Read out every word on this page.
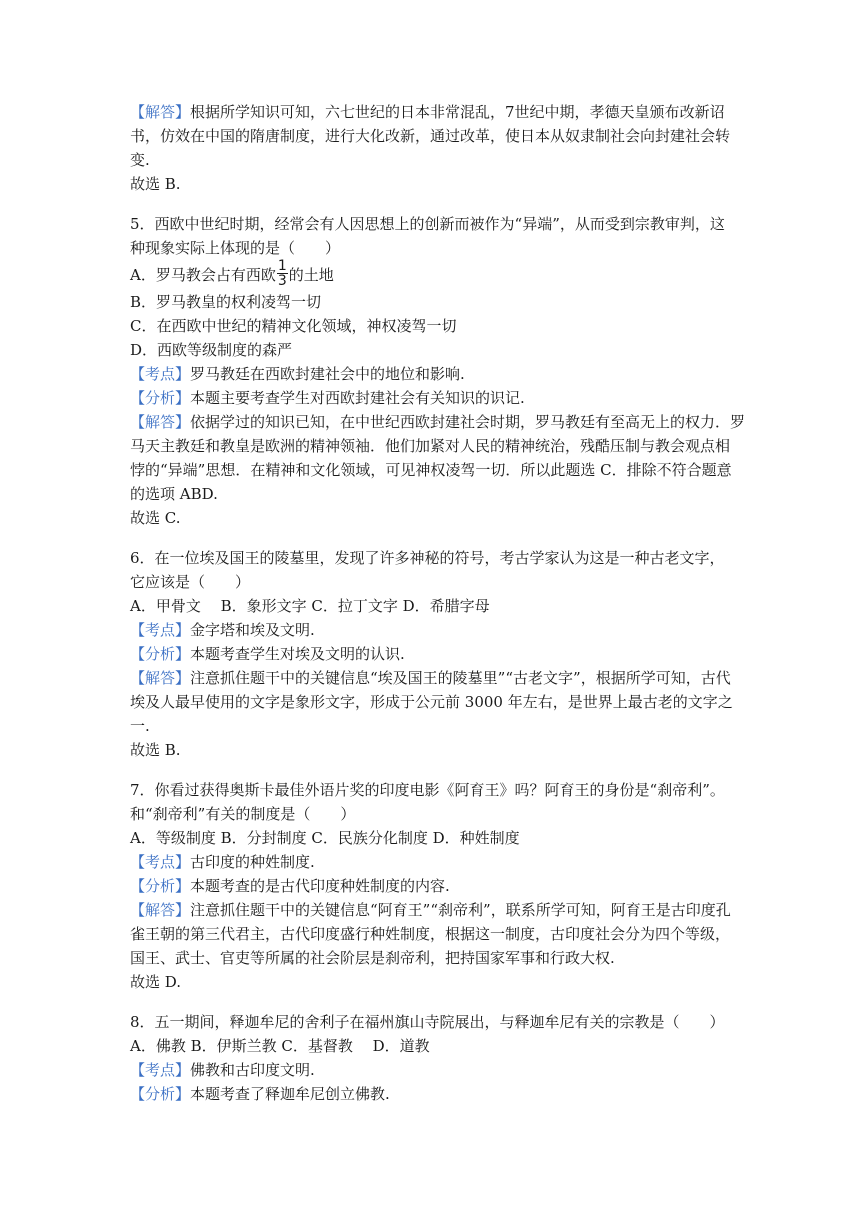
【解答】根据所学知识可知，六七世纪的日本非常混乱，7世纪中期，孝德天皇颁布改新诏
书，仿效在中国的隋唐制度，进行大化改新，通过改革，使日本从奴隶制社会向封建社会转
变.
故选 B.
5．西欧中世纪时期，经常会有人因思想上的创新而被作为“异端”，从而受到宗教审判，这
种现象实际上体现的是（　　）
A．罗马教会占有西欧 $\frac{1}{3}$ 的土地
B．罗马教皇的权利凌驾一切
C．在西欧中世纪的精神文化领域，神权凌驾一切
D．西欧等级制度的森严
【考点】罗马教廷在西欧封建社会中的地位和影响.
【分析】本题主要考查学生对西欧封建社会有关知识的识记.
【解答】依据学过的知识已知，在中世纪西欧封建社会时期，罗马教廷有至高无上的权力．罗
马天主教廷和教皇是欧洲的精神领袖．他们加紧对人民的精神统治，残酷压制与教会观点相
悖的“异端”思想．在精神和文化领域，可见神权凌驾一切．所以此题选 C．排除不符合题意
的选项 ABD.
故选 C.
6．在一位埃及国王的陵墓里，发现了许多神秘的符号，考古学家认为这是一种古老文字，
它应该是（　　）
A．甲骨文　 B．象形文字 C．拉丁文字 D．希腊字母
【考点】金字塔和埃及文明.
【分析】本题考查学生对埃及文明的认识.
【解答】注意抓住题干中的关键信息“埃及国王的陵墓里”“古老文字”，根据所学可知，古代
埃及人最早使用的文字是象形文字，形成于公元前 3000 年左右，是世界上最古老的文字之
一.
故选 B.
7．你看过获得奥斯卡最佳外语片奖的印度电影《阿育王》吗？阿育王的身份是“刹帝利”。
和“刹帝利”有关的制度是（　　）
A．等级制度 B．分封制度 C．民族分化制度 D．种姓制度
【考点】古印度的种姓制度.
【分析】本题考查的是古代印度种姓制度的内容.
【解答】注意抓住题干中的关键信息“阿育王”“刹帝利”，联系所学可知，阿育王是古印度孔
雀王朝的第三代君主，古代印度盛行种姓制度，根据这一制度，古印度社会分为四个等级，
国王、武士、官吏等所属的社会阶层是刹帝利，把持国家军事和行政大权.
故选 D.
8．五一期间，释迦牟尼的舍利子在福州旗山寺院展出，与释迦牟尼有关的宗教是（　　）
A．佛教 B．伊斯兰教 C．基督教　 D．道教
【考点】佛教和古印度文明.
【分析】本题考查了释迦牟尼创立佛教.
